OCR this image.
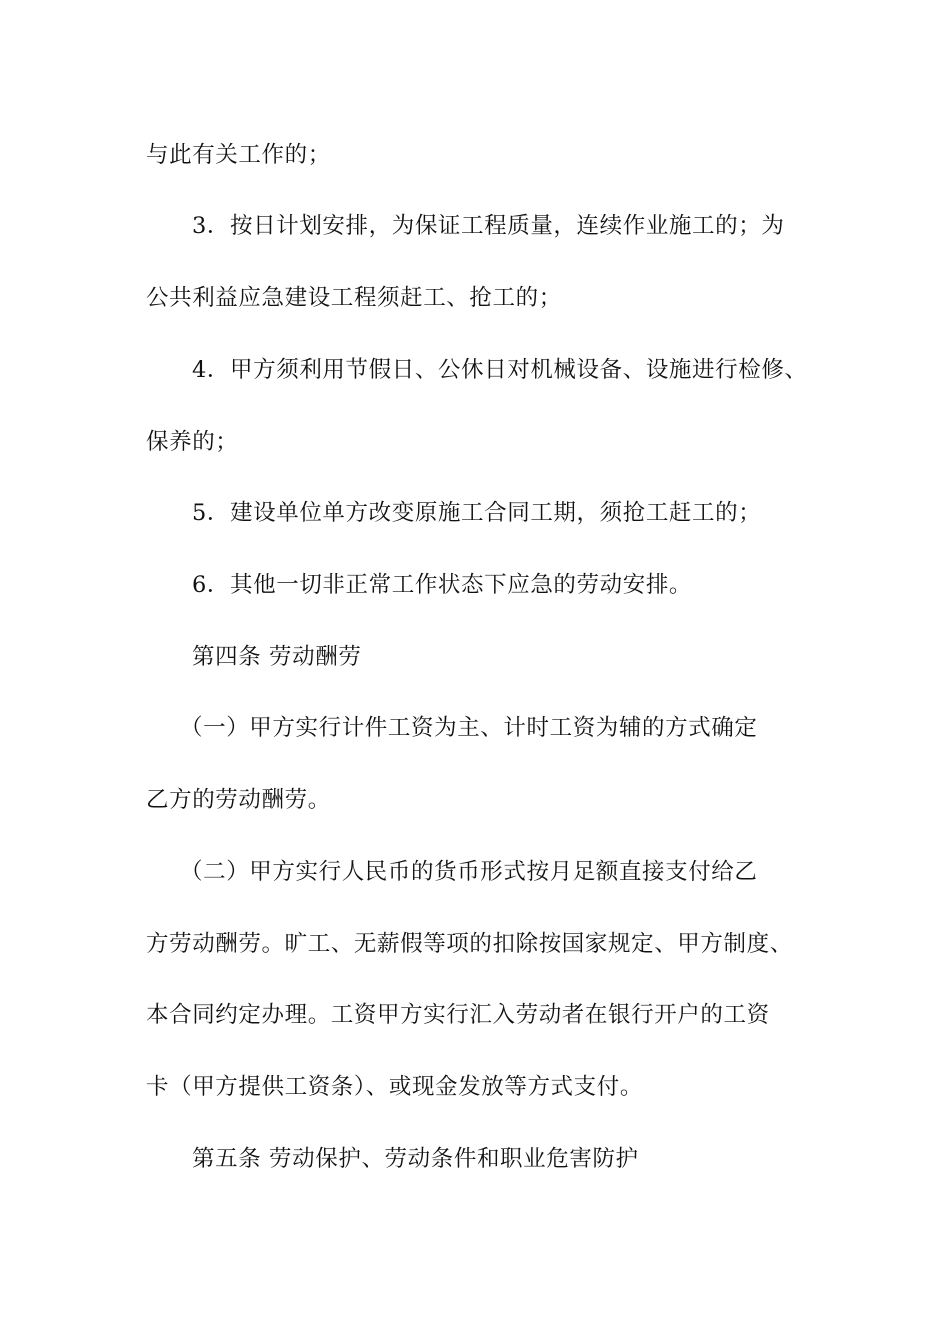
与此有关工作的；

3．按日计划安排，为保证工程质量，连续作业施工的；为

公共利益应急建设工程须赶工、抢工的；

4．甲方须利用节假日、公休日对机械设备、设施进行检修、

保养的；

5．建设单位单方改变原施工合同工期，须抢工赶工的；

6．其他一切非正常工作状态下应急的劳动安排。

第四条 劳动酬劳

（一）甲方实行计件工资为主、计时工资为辅的方式确定

乙方的劳动酬劳。

（二）甲方实行人民币的货币形式按月足额直接支付给乙

方劳动酬劳。旷工、无薪假等项的扣除按国家规定、甲方制度、

本合同约定办理。工资甲方实行汇入劳动者在银行开户的工资

卡（甲方提供工资条）、或现金发放等方式支付。

第五条 劳动保护、劳动条件和职业危害防护
